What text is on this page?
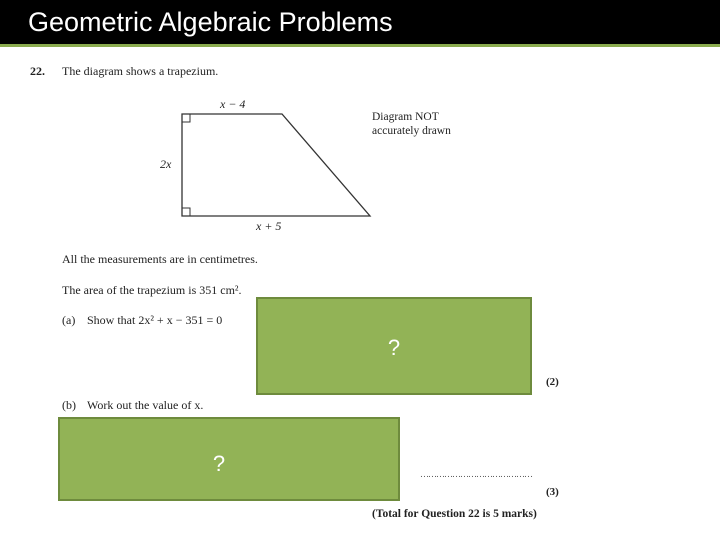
Geometric Algebraic Problems
22. The diagram shows a trapezium.
x − 4
2x
x + 5
Diagram NOT
accurately drawn
All the measurements are in centimetres.
The area of the trapezium is 351 cm².
(a) Show that 2x² + x − 351 = 0
(2)
(b) Work out the value of x.
……………………………………
(3)
(Total for Question 22 is 5 marks)
?
?
